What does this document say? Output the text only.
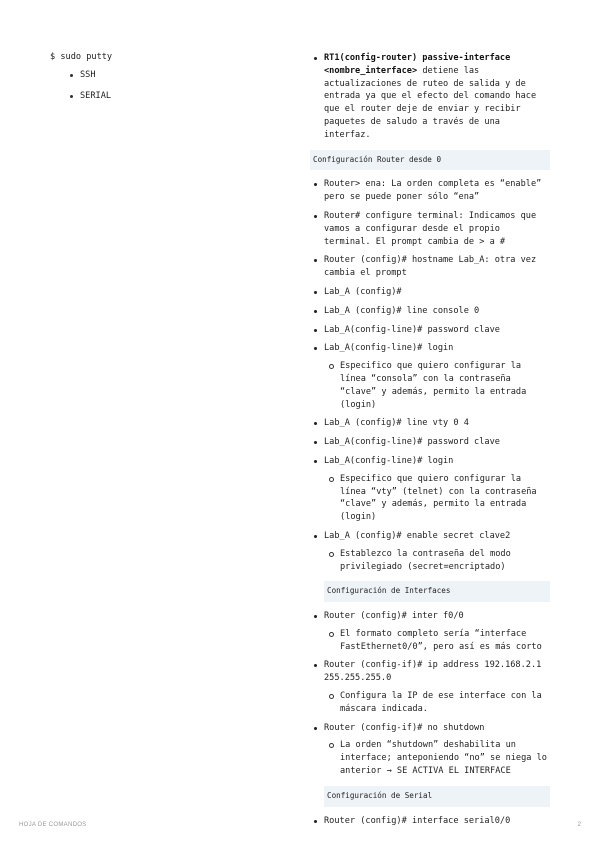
$ sudo putty
SSH
SERIAL
RT1(config-router) passive-interface <nombre_interface> detiene las actualizaciones de ruteo de salida y de entrada ya que el efecto del comando hace que el router deje de enviar y recibir paquetes de saludo a través de una interfaz.
Configuración Router desde 0
Router> ena: La orden completa es “enable” pero se puede poner sólo “ena”
Router# configure terminal: Indicamos que vamos a configurar desde el propio terminal. El prompt cambia de > a #
Router (config)# hostname Lab_A: otra vez cambia el prompt
Lab_A (config)#
Lab_A (config)# line console 0
Lab_A(config-line)# password clave
Lab_A(config-line)# login
Especifico que quiero configurar la línea “consola” con la contraseña “clave” y además, permito la entrada (login)
Lab_A (config)# line vty 0 4
Lab_A(config-line)# password clave
Lab_A(config-line)# login
Especifico que quiero configurar la línea “vty” (telnet) con la contraseña “clave” y además, permito la entrada (login)
Lab_A (config)# enable secret clave2
Establezco la contraseña del modo privilegiado (secret=encriptado)
Configuración de Interfaces
Router (config)# inter f0/0
El formato completo sería “interface FastEthernet0/0”, pero así es más corto
Router (config-if)# ip address 192.168.2.1 255.255.255.0
Configura la IP de ese interface con la máscara indicada.
Router (config-if)# no shutdown
La orden “shutdown” deshabilita un interface; anteponiendo “no” se niega lo anterior → SE ACTIVA EL INTERFACE
Configuración de Serial
Router (config)# interface serial0/0
HOJA DE COMANDOS	2
